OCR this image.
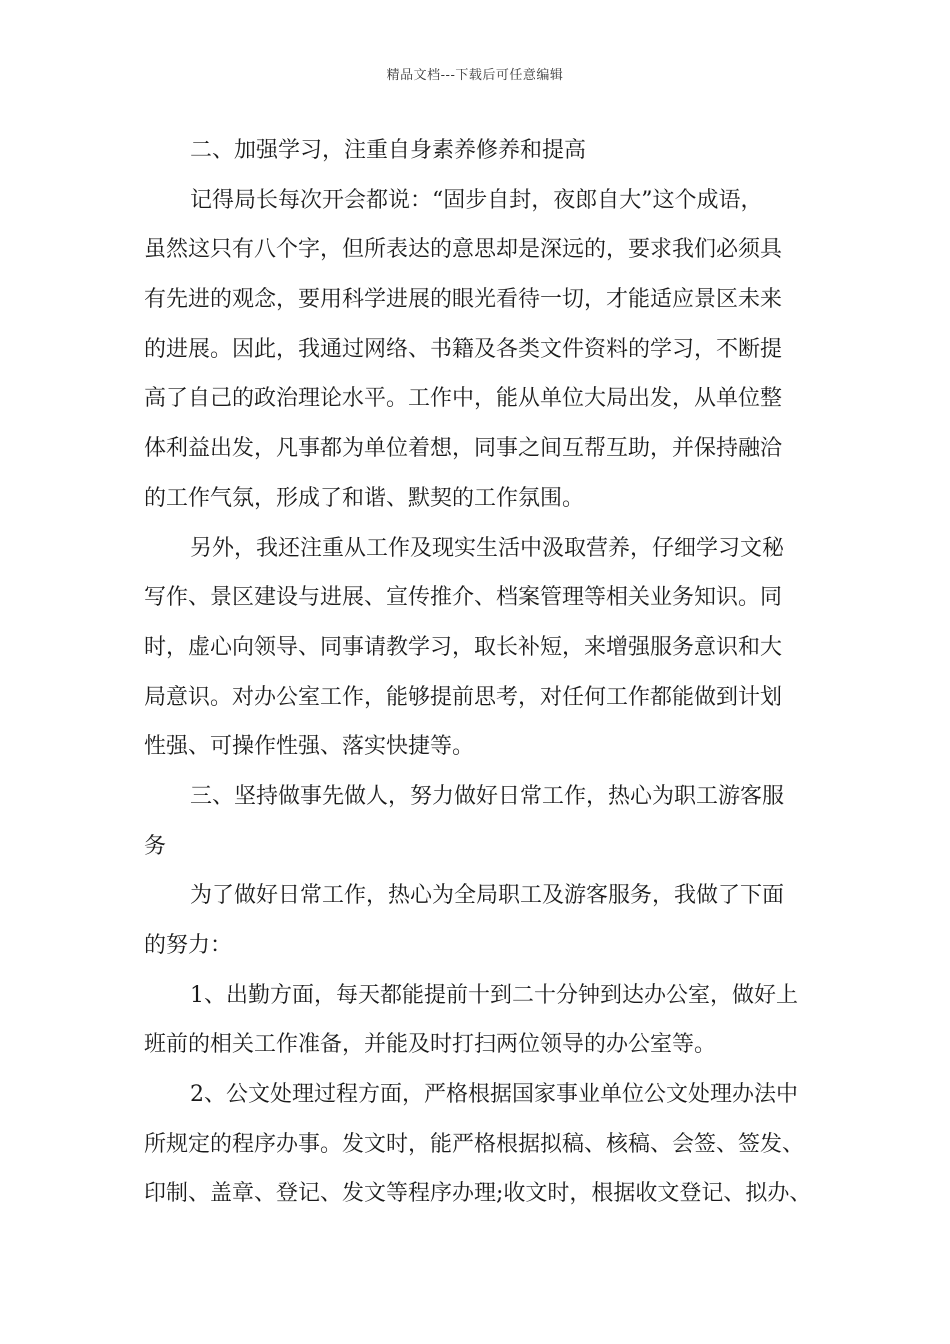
精品文档---下载后可任意编辑
二、加强学习，注重自身素养修养和提高
记得局长每次开会都说：“固步自封，夜郎自大”这个成语，
虽然这只有八个字，但所表达的意思却是深远的，要求我们必须具
有先进的观念，要用科学进展的眼光看待一切，才能适应景区未来
的进展。因此，我通过网络、书籍及各类文件资料的学习，不断提
高了自己的政治理论水平。工作中，能从单位大局出发，从单位整
体利益出发，凡事都为单位着想，同事之间互帮互助，并保持融洽
的工作气氛，形成了和谐、默契的工作氛围。
另外，我还注重从工作及现实生活中汲取营养，仔细学习文秘
写作、景区建设与进展、宣传推介、档案管理等相关业务知识。同
时，虚心向领导、同事请教学习，取长补短，来增强服务意识和大
局意识。对办公室工作，能够提前思考，对任何工作都能做到计划
性强、可操作性强、落实快捷等。
三、坚持做事先做人，努力做好日常工作，热心为职工游客服
务
为了做好日常工作，热心为全局职工及游客服务，我做了下面
的努力：
1、出勤方面，每天都能提前十到二十分钟到达办公室，做好上
班前的相关工作准备，并能及时打扫两位领导的办公室等。
2、公文处理过程方面，严格根据国家事业单位公文处理办法中
所规定的程序办事。发文时，能严格根据拟稿、核稿、会签、签发、
印制、盖章、登记、发文等程序办理;收文时，根据收文登记、拟办、
